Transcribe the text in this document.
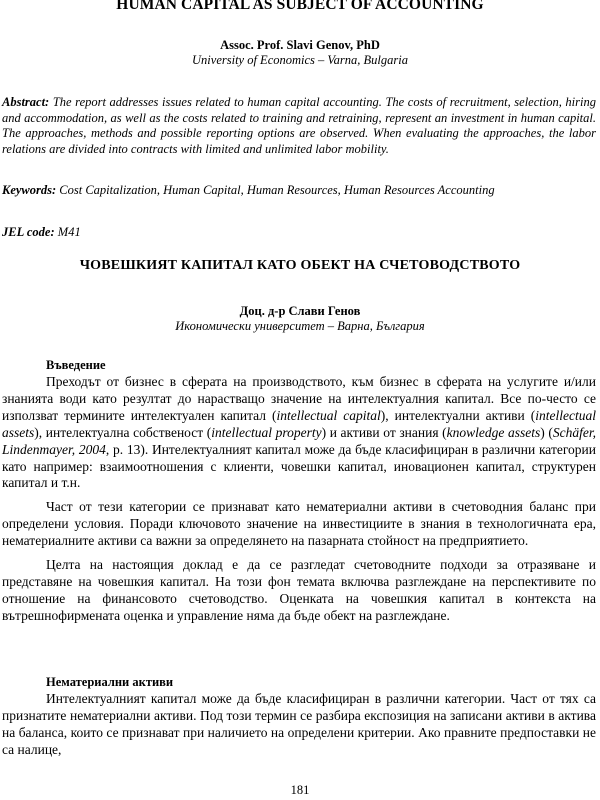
HUMAN CAPITAL AS SUBJECT OF ACCOUNTING
Assoc. Prof. Slavi Genov, PhD
University of Economics – Varna, Bulgaria
Abstract: The report addresses issues related to human capital accounting. The costs of recruitment, selection, hiring and accommodation, as well as the costs related to training and retraining, represent an investment in human capital. The approaches, methods and possible reporting options are observed. When evaluating the approaches, the labor relations are divided into contracts with limited and unlimited labor mobility.
Keywords: Cost Capitalization, Human Capital, Human Resources, Human Resources Accounting
JEL code: M41
ЧОВЕШКИЯТ КАПИТАЛ КАТО ОБЕКТ НА СЧЕТОВОДСТВОТО
Доц. д-р Слави Генов
Икономически университет – Варна, България
Въведение

Преходът от бизнес в сферата на производството, към бизнес в сферата на услугите и/или знанията води като резултат до нарастващо значение на интелектуалния капитал. Все по-често се използват термините интелектуален капитал (intellectual capital), интелектуални активи (intellectual assets), интелектуална собственост (intellectual property) и активи от знания (knowledge assets) (Schäfer, Lindenmayer, 2004, p. 13). Интелектуалният капитал може да бъде класифициран в различни категории като например: взаимоотношения с клиенти, човешки капитал, иновационен капитал, структурен капитал и т.н.

Част от тези категории се признават като нематериални активи в счетоводния баланс при определени условия. Поради ключовото значение на инвестициите в знания в технологичната ера, нематериалните активи са важни за определянето на пазарната стойност на предприятието.

Целта на настоящия доклад е да се разгледат счетоводните подходи за отразяване и представяне на човешкия капитал. На този фон темата включва разглеждане на перспективите по отношение на финансовото счетоводство. Оценката на човешкия капитал в контекста на вътрешнофирмената оценка и управление няма да бъде обект на разглеждане.

Нематериални активи

Интелектуалният капитал може да бъде класифициран в различни категории. Част от тях са признатите нематериални активи. Под този термин се разбира експозиция на записани активи в актива на баланса, които се признават при наличието на определени критерии. Ако правните предпоставки не са налице,

181
